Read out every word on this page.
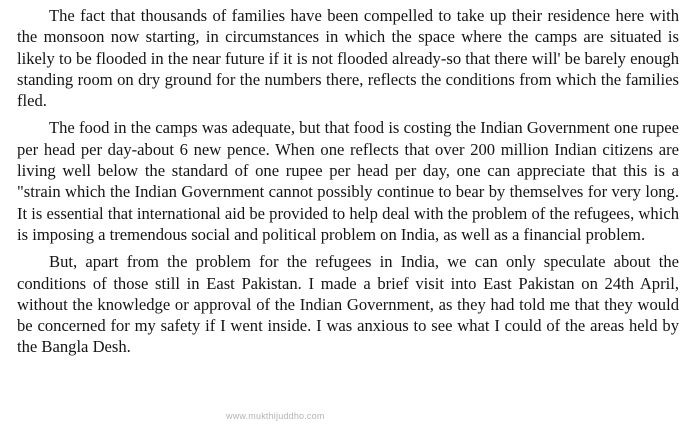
The fact that thousands of families have been compelled to take up their residence here with the monsoon now starting, in circumstances in which the space where the camps are situated is likely to be flooded in the near future if it is not flooded already-so that there will' be barely enough standing room on dry ground for the numbers there, reflects the conditions from which the families fled.

The food in the camps was adequate, but that food is costing the Indian Government one rupee per head per day-about 6 new pence. When one reflects that over 200 million Indian citizens are living well below the standard of one rupee per head per day, one can appreciate that this is a "strain which the Indian Government cannot possibly continue to bear by themselves for very long. It is essential that international aid be provided to help deal with the problem of the refugees, which is imposing a tremendous social and political problem on India, as well as a financial problem.

But, apart from the problem for the refugees in India, we can only speculate about the conditions of those still in East Pakistan. I made a brief visit into East Pakistan on 24th April, without the knowledge or approval of the Indian Government, as they had told me that they would be concerned for my safety if I went inside. I was anxious to see what I could of the areas held by the Bangla Desh.

www.mukthijuddho.com
